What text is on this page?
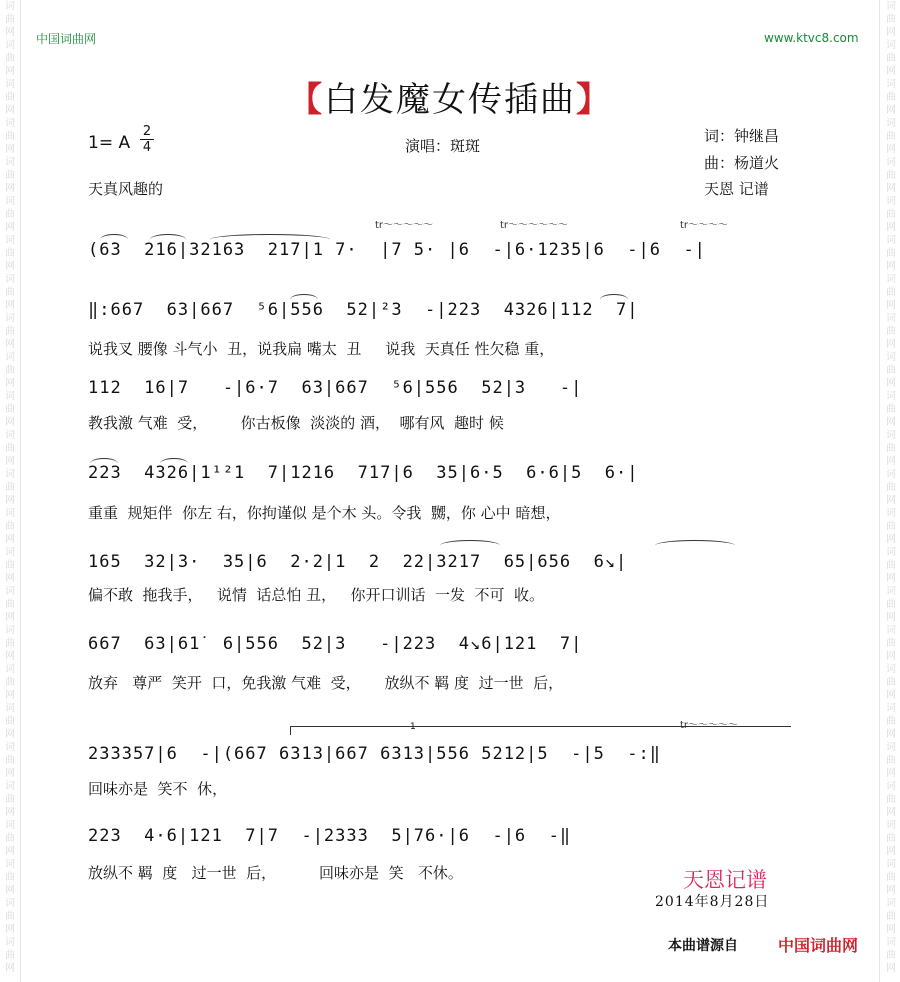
词曲网词曲网词曲网词曲网词曲网词曲网词曲网词曲网词曲网词曲网词曲网词曲网词曲网词曲网词曲网词曲网词曲网词曲网词曲网词曲网词曲网词曲网词曲网词曲网词曲网
词曲网词曲网词曲网词曲网词曲网词曲网词曲网词曲网词曲网词曲网词曲网词曲网词曲网词曲网词曲网词曲网词曲网词曲网词曲网词曲网词曲网词曲网词曲网词曲网词曲网
中国词曲网	www.ktvc8.com
【白发魔女传插曲】
1= A
2
4	演唱：斑斑
词：钟继昌
曲：杨道火
天恩 记谱
天真风趣的
tr～～～～～	tr～～～～～～	tr～～～～
tr～～～～～
1
(6̇3  21̇6|32̇16̇3  21̇7|1 7·  |7 5· |6  -|6·1235|6  -|6  -|
‖:667  63|667  ⁵6|556  52|²3  -|223  4326|112  7|
说我叉 腰像 斗气小  丑，说我扁 嘴太  丑     说我  天真任 性欠稳 重，
112  16|7   -|6·7  63|667  ⁵6|556  52|3   -|
教我激 气难  受，       你古板像  淡淡的 酒，  哪有风  趣时 候
223  4326|1¹²1  7|1216  717|6  35|6·5  6·6|5  6·|
重重  规矩伴  你左 右，你拘谨似 是个木 头。令我  嬲，你 心中 暗想，
165  32|3·  35|6  2·2|1  2  22|3217  65|656  6↘|
偏不敢  拖我手，   说情  话总怕 丑，   你开口训话  一发  不可  收。
667  63|61̇  6|556  52|3   -|223  4↘6|121  7|
放弃   尊严  笑开  口，免我激 气难  受，     放纵不 羁 度  过一世  后，
233357|6  -|(667 6313|667 6313|556 5212|5  -|5  -:‖
回味亦是  笑不  休，
223  4·6|121  7|7  -|2333  5|76·|6  -|6  -‖
放纵不 羁  度   过一世  后，         回味亦是  笑   不休。	天恩记谱
2014年8月28日
本曲谱源自	中国词曲网
